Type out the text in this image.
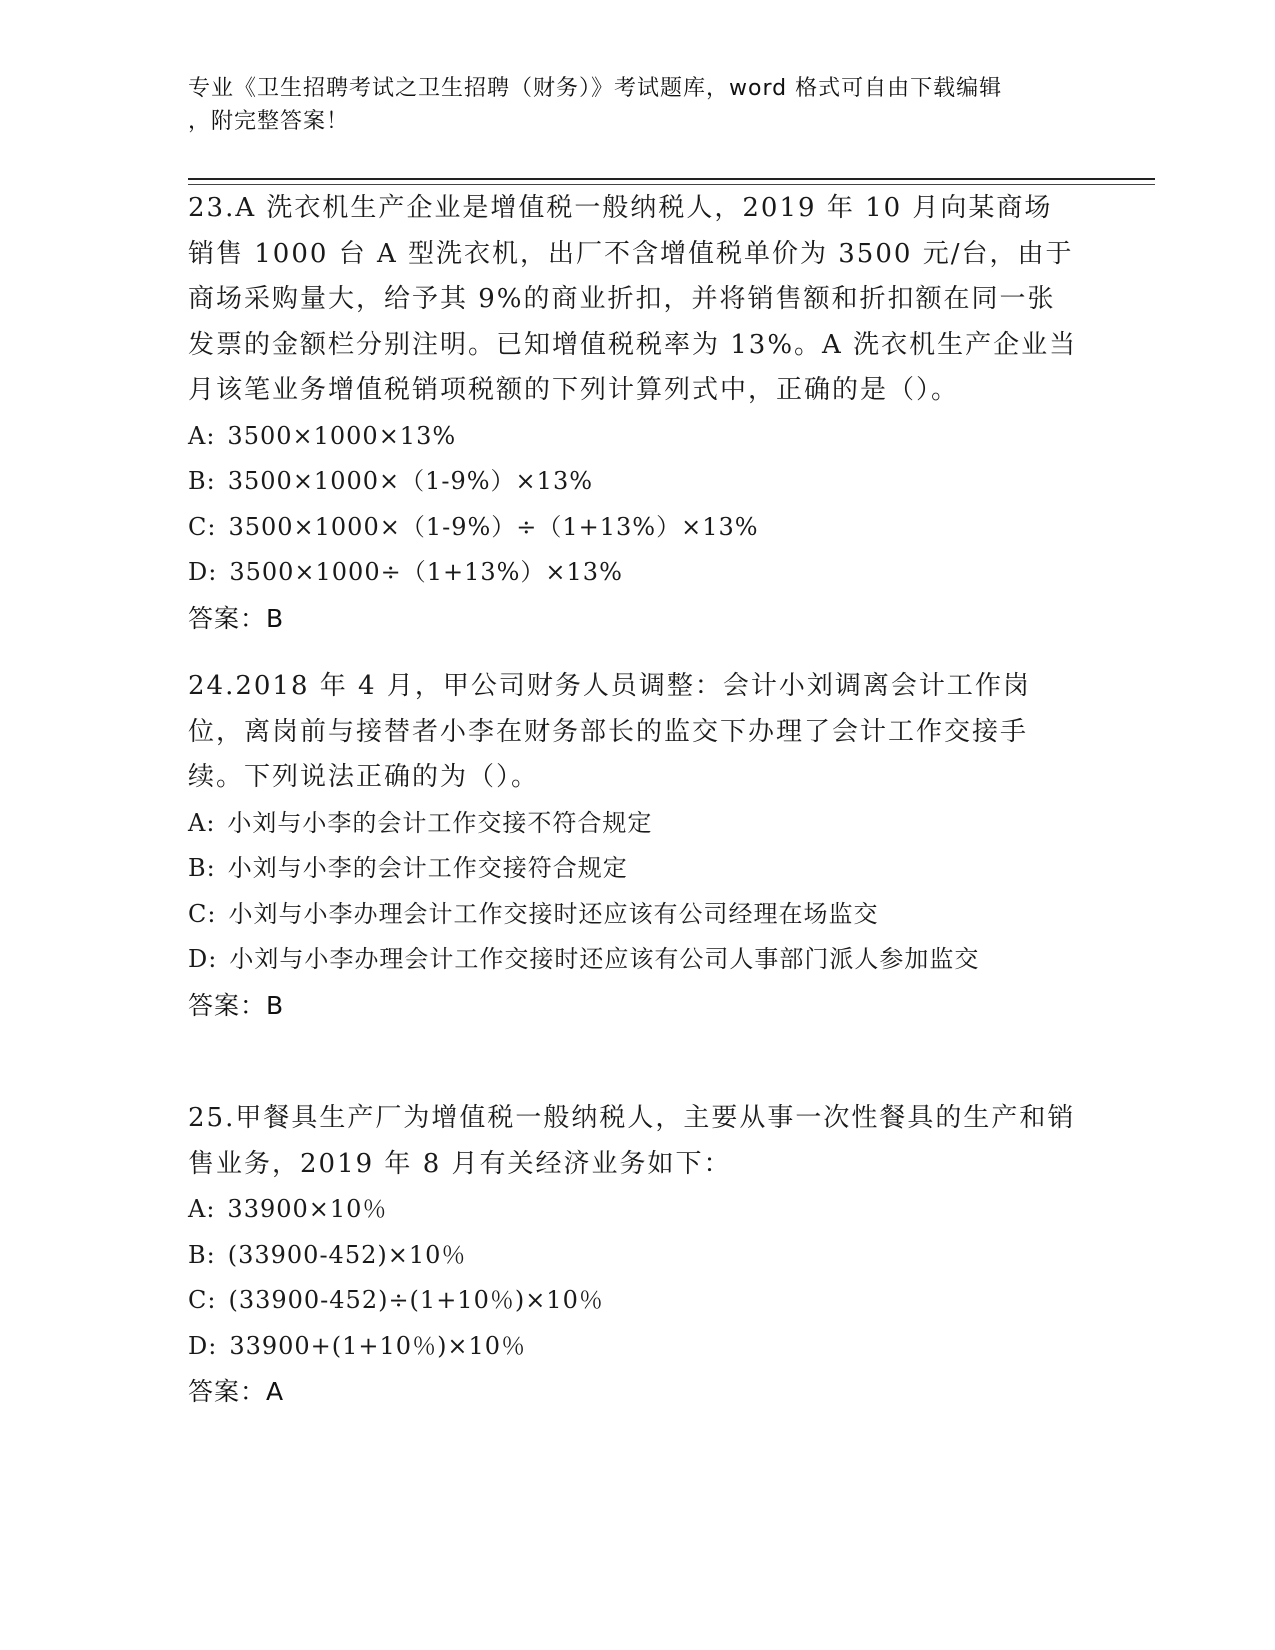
专业《卫生招聘考试之卫生招聘（财务）》考试题库，word 格式可自由下载编辑
，附完整答案！

23.A 洗衣机生产企业是增值税一般纳税人，2019 年 10 月向某商场销售 1000 台 A 型洗衣机，出厂不含增值税单价为 3500 元/台，由于商场采购量大，给予其 9%的商业折扣，并将销售额和折扣额在同一张发票的金额栏分别注明。已知增值税税率为 13%。A 洗衣机生产企业当月该笔业务增值税销项税额的下列计算列式中，正确的是（）。

A: 3500×1000×13%

B: 3500×1000×（1-9%）×13%

C: 3500×1000×（1-9%）÷（1+13%）×13%

D: 3500×1000÷（1+13%）×13%

答案：B

24.2018 年 4 月，甲公司财务人员调整：会计小刘调离会计工作岗位，离岗前与接替者小李在财务部长的监交下办理了会计工作交接手续。下列说法正确的为（）。

A: 小刘与小李的会计工作交接不符合规定

B: 小刘与小李的会计工作交接符合规定

C: 小刘与小李办理会计工作交接时还应该有公司经理在场监交

D: 小刘与小李办理会计工作交接时还应该有公司人事部门派人参加监交

答案：B

25.甲餐具生产厂为增值税一般纳税人，主要从事一次性餐具的生产和销售业务，2019 年 8 月有关经济业务如下：

A: 33900×10％

B: (33900-452)×10％

C: (33900-452)÷(1+10％)×10％

D: 33900+(1+10％)×10％

答案：A
